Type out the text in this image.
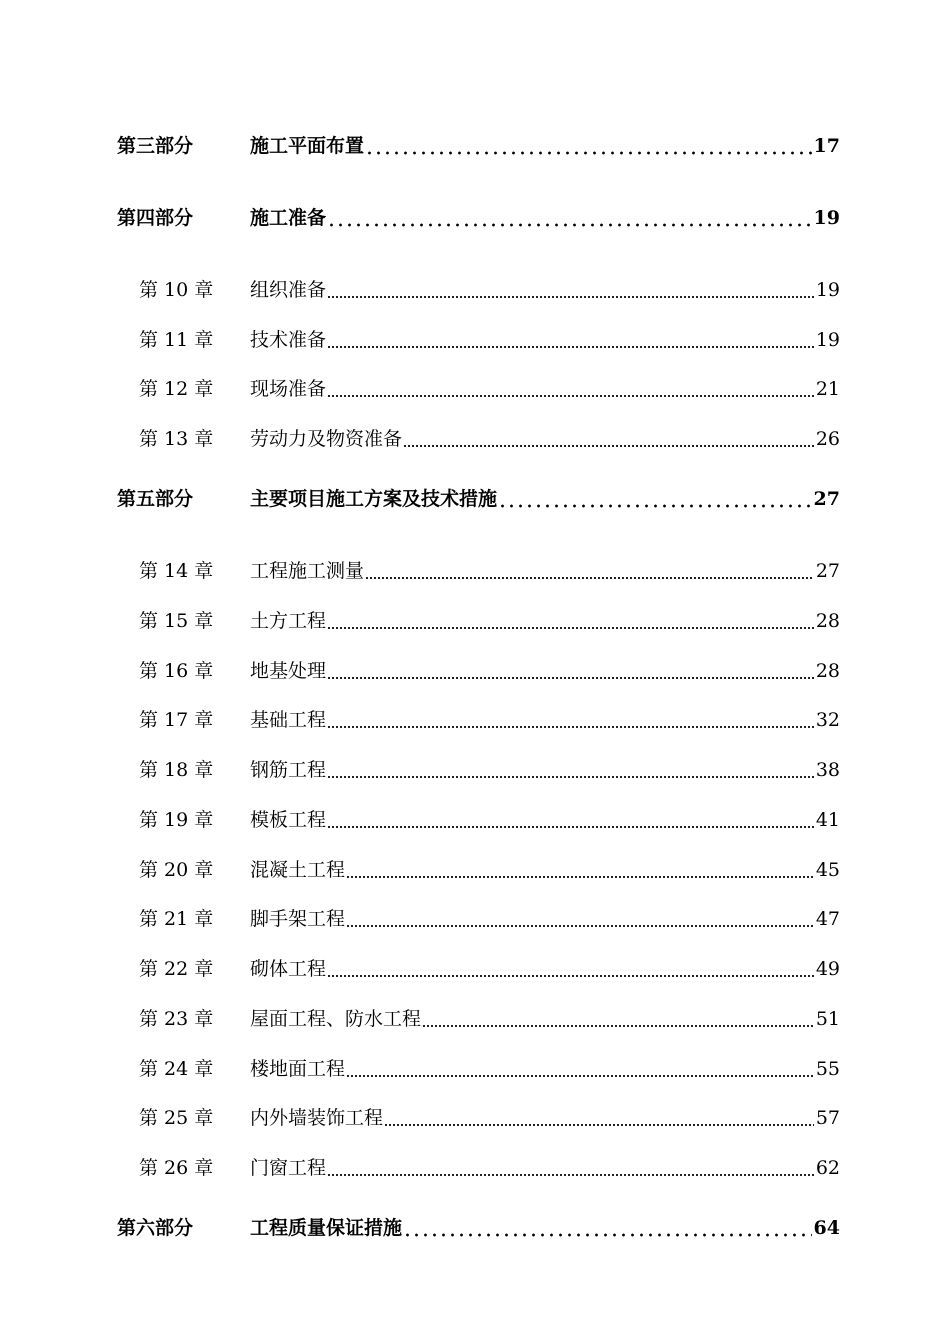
第三部分	施工平面布置	17
第四部分	施工准备	19
第 10 章 组织准备	19
第 11 章 技术准备	19
第 12 章 现场准备	21
第 13 章 劳动力及物资准备	26
第五部分	主要项目施工方案及技术措施	27
第 14 章 工程施工测量	27
第 15 章 土方工程	28
第 16 章 地基处理	28
第 17 章 基础工程	32
第 18 章 钢筋工程	38
第 19 章 模板工程	41
第 20 章 混凝土工程	45
第 21 章 脚手架工程	47
第 22 章 砌体工程	49
第 23 章 屋面工程、防水工程	51
第 24 章 楼地面工程	55
第 25 章 内外墙装饰工程	57
第 26 章 门窗工程	62
第六部分	工程质量保证措施	64
